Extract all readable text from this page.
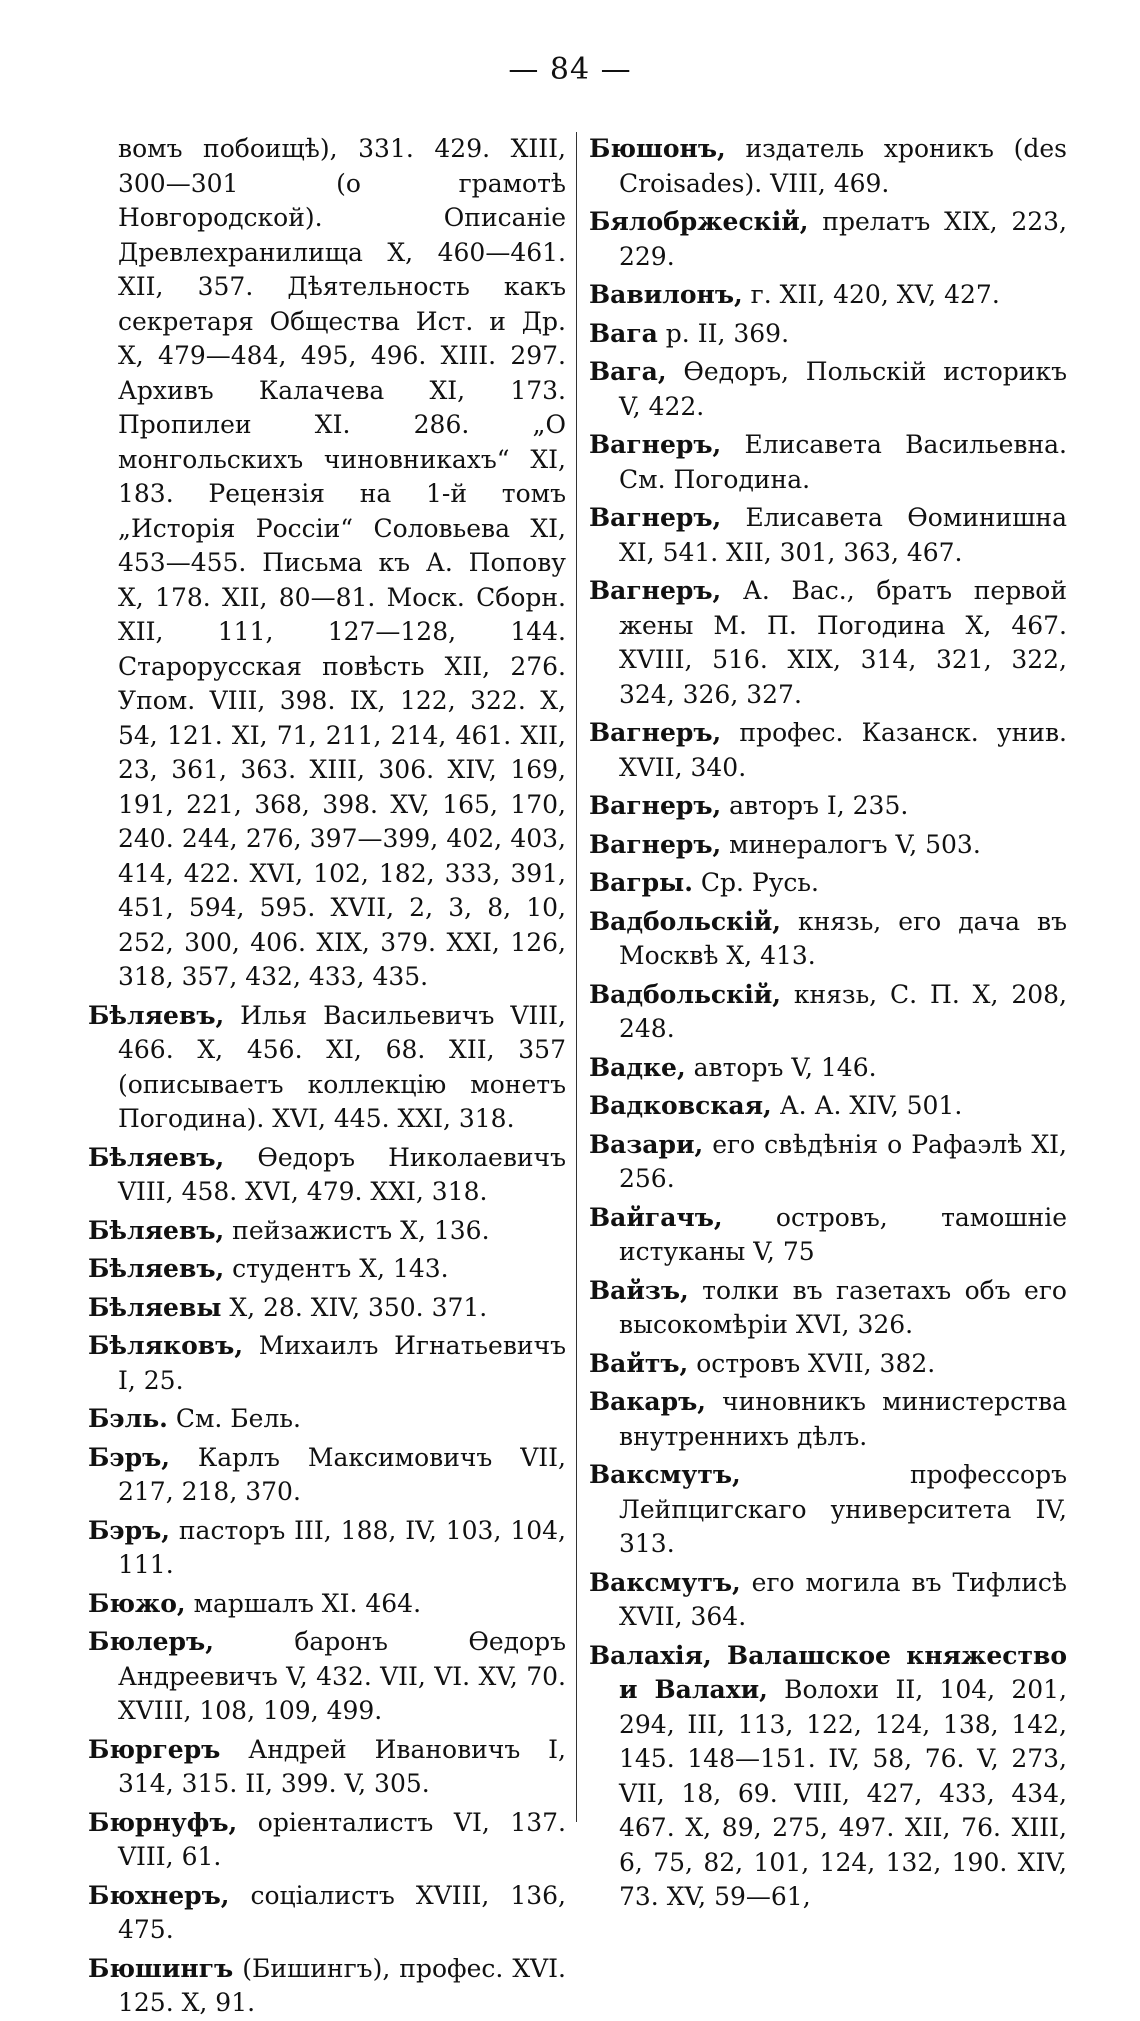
— 84 —

вомъ побоищѣ), 331. 429. XIII, 300—301 (о грамотѣ Новгородской). Описаніе Древлехранилища X, 460—461. XII, 357. Дѣятельность какъ секретаря Общества Ист. и Др. X, 479—484, 495, 496. XIII. 297. Архивъ Калачева XI, 173. Пропилеи XI. 286. „О монгольскихъ чиновникахъ“ XI, 183. Рецензія на 1-й томъ „Исторія Россіи“ Соловьева XI, 453—455. Письма къ А. Попову X, 178. XII, 80—81. Моск. Сборн. XII, 111, 127—128, 144. Старорусская повѣсть XII, 276. Упом. VIII, 398. IX, 122, 322. X, 54, 121. XI, 71, 211, 214, 461. XII, 23, 361, 363. XIII, 306. XIV, 169, 191, 221, 368, 398. XV, 165, 170, 240. 244, 276, 397—399, 402, 403, 414, 422. XVI, 102, 182, 333, 391, 451, 594, 595. XVII, 2, 3, 8, 10, 252, 300, 406. XIX, 379. XXI, 126, 318, 357, 432, 433, 435.

Бѣляевъ, Илья Васильевичъ VIII, 466. X, 456. XI, 68. XII, 357 (описываетъ коллекцію монетъ Погодина). XVI, 445. XXI, 318.

Бѣляевъ, Ѳедоръ Николаевичъ VIII, 458. XVI, 479. XXI, 318.

Бѣляевъ, пейзажистъ X, 136.

Бѣляевъ, студентъ X, 143.

Бѣляевы X, 28. XIV, 350. 371.

Бѣляковъ, Михаилъ Игнатьевичъ I, 25.

Бэль. См. Бель.

Бэръ, Карлъ Максимовичъ VII, 217, 218, 370.

Бэръ, пасторъ III, 188, IV, 103, 104, 111.

Бюжо, маршалъ XI. 464.

Бюлеръ, баронъ Ѳедоръ Андреевичъ V, 432. VII, VI. XV, 70. XVIII, 108, 109, 499.

Бюргеръ Андрей Ивановичъ I, 314, 315. II, 399. V, 305.

Бюрнуфъ, оріенталистъ VI, 137. VIII, 61.

Бюхнеръ, соціалистъ XVIII, 136, 475.

Бюшингъ (Бишингъ), профес. XVI. 125. X, 91.

Бюшонъ, издатель хроникъ (des Croisades). VIII, 469.

Бялобржескій, прелатъ XIX, 223, 229.

Вавилонъ, г. XII, 420, XV, 427.

Вага р. II, 369.

Вага, Ѳедоръ, Польскій историкъ V, 422.

Вагнеръ, Елисавета Васильевна. См. Погодина.

Вагнеръ, Елисавета Ѳоминишна XI, 541. XII, 301, 363, 467.

Вагнеръ, А. Вас., братъ первой жены М. П. Погодина X, 467. XVIII, 516. XIX, 314, 321, 322, 324, 326, 327.

Вагнеръ, профес. Казанск. унив. XVII, 340.

Вагнеръ, авторъ I, 235.

Вагнеръ, минералогъ V, 503.

Вагры. Ср. Русь.

Вадбольскій, князь, его дача въ Москвѣ X, 413.

Вадбольскій, князь, С. П. X, 208, 248.

Вадке, авторъ V, 146.

Вадковская, А. А. XIV, 501.

Вазари, его свѣдѣнія о Рафаэлѣ XI, 256.

Вайгачъ, островъ, тамошніе истуканы V, 75

Вайзъ, толки въ газетахъ объ его высокомѣріи XVI, 326.

Вайтъ, островъ XVII, 382.

Вакаръ, чиновникъ министерства внутреннихъ дѣлъ.

Ваксмутъ, профессоръ Лейпцигскаго университета IV, 313.

Ваксмутъ, его могила въ Тифлисѣ XVII, 364.

Валахія, Валашское княжество и Валахи, Волохи II, 104, 201, 294, III, 113, 122, 124, 138, 142, 145. 148—151. IV, 58, 76. V, 273, VII, 18, 69. VIII, 427, 433, 434, 467. X, 89, 275, 497. XII, 76. XIII, 6, 75, 82, 101, 124, 132, 190. XIV, 73. XV, 59—61,
